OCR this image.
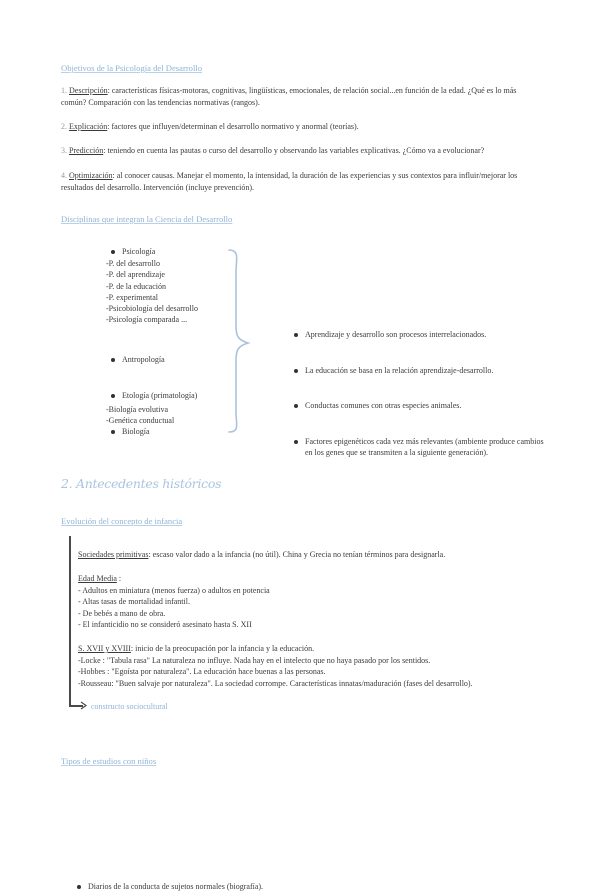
Objetivos de la Psicología del Desarrollo
1. Descripción: características físicas-motoras, cognitivas, lingüísticas, emocionales, de relación social...en función de la edad. ¿Qué es lo más común? Comparación con las tendencias normativas (rangos).
2. Explicación: factores que influyen/determinan el desarrollo normativo y anormal (teorías).
3. Predicción: teniendo en cuenta las pautas o curso del desarrollo y observando las variables explicativas. ¿Cómo va a evolucionar?
4. Optimización: al conocer causas. Manejar el momento, la intensidad, la duración de las experiencias y sus contextos para influir/mejorar los resultados del desarrollo. Intervención (incluye prevención).
Disciplinas que integran la Ciencia del Desarrollo
Psicología
-P. del desarrollo
-P. del aprendizaje
-P. de la educación
-P. experimental
-Psicobiología del desarrollo
-Psicología comparada ...
Antropología
Etología (primatología)
Biología
-Biología evolutiva
-Genética conductual
Aprendizaje y desarrollo son procesos interrelacionados.
La educación se basa en la relación aprendizaje-desarrollo.
Conductas comunes con otras especies animales.
Factores epigenéticos cada vez más relevantes (ambiente produce cambios en los genes que se transmiten a la siguiente generación).
2. Antecedentes históricos
Evolución del concepto de infancia
Sociedades primitivas: escaso valor dado a la infancia (no útil). China y Grecia no tenían términos para designarla.
Edad Media :
- Adultos en miniatura (menos fuerza) o adultos en potencia
- Altas tasas de mortalidad infantil.
- De bebés a mano de obra.
- El infanticidio no se consideró asesinato hasta S. XII
S. XVII y XVIII: inicio de la preocupación por la infancia y la educación.
-Locke : "Tabula rasa" La naturaleza no influye. Nada hay en el intelecto que no haya pasado por los sentidos.
-Hobbes : "Egoísta por naturaleza". La educación hace buenas a las personas.
-Rousseau: "Buen salvaje por naturaleza". La sociedad corrompe. Características innatas/maduración (fases del desarrollo).
constructo sociocultural
Tipos de estudios con niños
Diarios de la conducta de sujetos normales (biografía).
